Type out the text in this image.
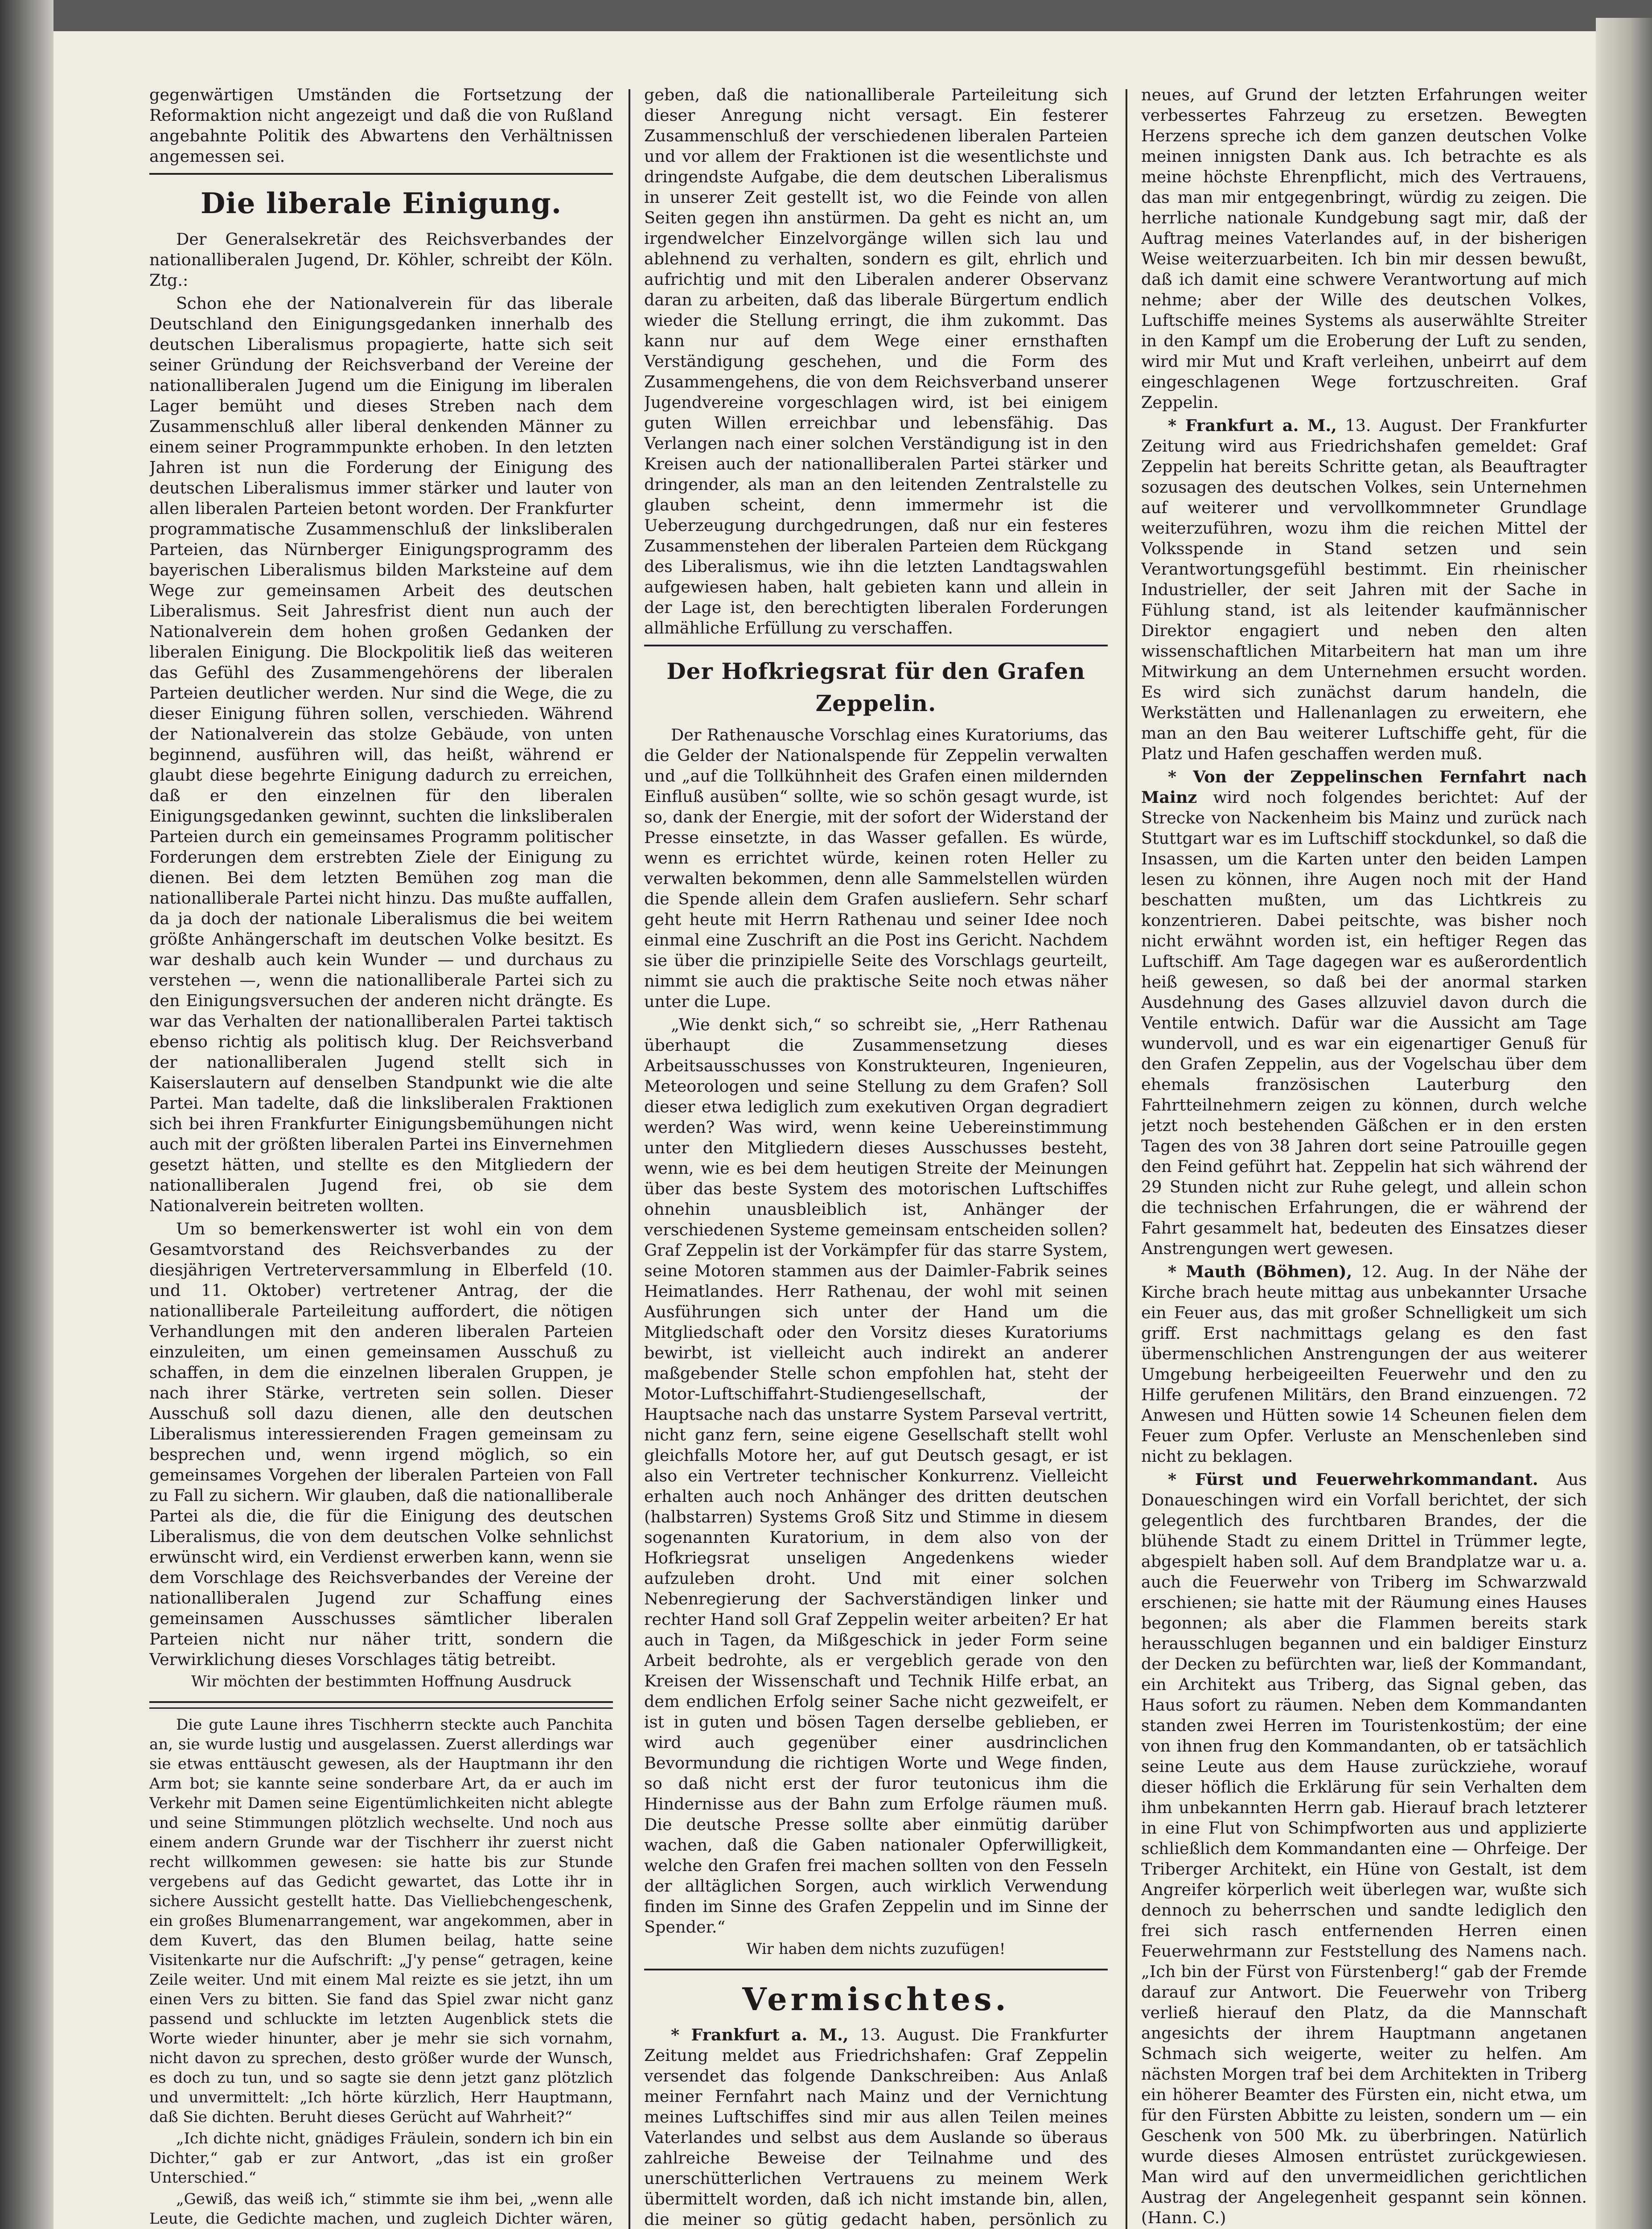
gegenwärtigen Umständen die Fortsetzung der Reformaktion nicht angezeigt und daß die von Rußland angebahnte Politik des Abwartens den Verhältnissen angemessen sei.

Die liberale Einigung.

Der Generalsekretär des Reichsverbandes der nationalliberalen Jugend, Dr. Köhler, schreibt der Köln. Ztg.:

Schon ehe der Nationalverein für das liberale Deutschland den Einigungsgedanken innerhalb des deutschen Liberalismus propagierte, hatte sich seit seiner Gründung der Reichsverband der Vereine der nationalliberalen Jugend um die Einigung im liberalen Lager bemüht und dieses Streben nach dem Zusammenschluß aller liberal denkenden Männer zu einem seiner Programmpunkte erhoben. In den letzten Jahren ist nun die Forderung der Einigung des deutschen Liberalismus immer stärker und lauter von allen liberalen Parteien betont worden. Der Frankfurter programmatische Zusammenschluß der linksliberalen Parteien, das Nürnberger Einigungsprogramm des bayerischen Liberalismus bilden Marksteine auf dem Wege zur gemeinsamen Arbeit des deutschen Liberalismus. Seit Jahresfrist dient nun auch der Nationalverein dem hohen großen Gedanken der liberalen Einigung. Die Blockpolitik ließ das weiteren das Gefühl des Zusammengehörens der liberalen Parteien deutlicher werden. Nur sind die Wege, die zu dieser Einigung führen sollen, verschieden. Während der Nationalverein das stolze Gebäude, von unten beginnend, ausführen will, das heißt, während er glaubt diese begehrte Einigung dadurch zu erreichen, daß er den einzelnen für den liberalen Einigungsgedanken gewinnt, suchten die linksliberalen Parteien durch ein gemeinsames Programm politischer Forderungen dem erstrebten Ziele der Einigung zu dienen. Bei dem letzten Bemühen zog man die nationalliberale Partei nicht hinzu. Das mußte auffallen, da ja doch der nationale Liberalismus die bei weitem größte Anhängerschaft im deutschen Volke besitzt. Es war deshalb auch kein Wunder — und durchaus zu verstehen —, wenn die nationalliberale Partei sich zu den Einigungsversuchen der anderen nicht drängte. Es war das Verhalten der nationalliberalen Partei taktisch ebenso richtig als politisch klug. Der Reichsverband der nationalliberalen Jugend stellt sich in Kaiserslautern auf denselben Standpunkt wie die alte Partei. Man tadelte, daß die linksliberalen Fraktionen sich bei ihren Frankfurter Einigungsbemühungen nicht auch mit der größten liberalen Partei ins Einvernehmen gesetzt hätten, und stellte es den Mitgliedern der nationalliberalen Jugend frei, ob sie dem Nationalverein beitreten wollten.

Um so bemerkenswerter ist wohl ein von dem Gesamtvorstand des Reichsverbandes zu der diesjährigen Vertreterversammlung in Elberfeld (10. und 11. Oktober) vertretener Antrag, der die nationalliberale Parteileitung auffordert, die nötigen Verhandlungen mit den anderen liberalen Parteien einzuleiten, um einen gemeinsamen Ausschuß zu schaffen, in dem die einzelnen liberalen Gruppen, je nach ihrer Stärke, vertreten sein sollen. Dieser Ausschuß soll dazu dienen, alle den deutschen Liberalismus interessierenden Fragen gemeinsam zu besprechen und, wenn irgend möglich, so ein gemeinsames Vorgehen der liberalen Parteien von Fall zu Fall zu sichern. Wir glauben, daß die nationalliberale Partei als die, die für die Einigung des deutschen Liberalismus, die von dem deutschen Volke sehnlichst erwünscht wird, ein Verdienst erwerben kann, wenn sie dem Vorschlage des Reichsverbandes der Vereine der nationalliberalen Jugend zur Schaffung eines gemeinsamen Ausschusses sämtlicher liberalen Parteien nicht nur näher tritt, sondern die Verwirklichung dieses Vorschlages tätig betreibt.

Wir möchten der bestimmten Hoffnung Ausdruck

Die gute Laune ihres Tischherrn steckte auch Panchita an, sie wurde lustig und ausgelassen. Zuerst allerdings war sie etwas enttäuscht gewesen, als der Hauptmann ihr den Arm bot; sie kannte seine sonderbare Art, da er auch im Verkehr mit Damen seine Eigentümlichkeiten nicht ablegte und seine Stimmungen plötzlich wechselte. Und noch aus einem andern Grunde war der Tischherr ihr zuerst nicht recht willkommen gewesen: sie hatte bis zur Stunde vergebens auf das Gedicht gewartet, das Lotte ihr in sichere Aussicht gestellt hatte. Das Vielliebchengeschenk, ein großes Blumenarrangement, war angekommen, aber in dem Kuvert, das den Blumen beilag, hatte seine Visitenkarte nur die Aufschrift: „J'y pense“ getragen, keine Zeile weiter. Und mit einem Mal reizte es sie jetzt, ihn um einen Vers zu bitten. Sie fand das Spiel zwar nicht ganz passend und schluckte im letzten Augenblick stets die Worte wieder hinunter, aber je mehr sie sich vornahm, nicht davon zu sprechen, desto größer wurde der Wunsch, es doch zu tun, und so sagte sie denn jetzt ganz plötzlich und unvermittelt: „Ich hörte kürzlich, Herr Hauptmann, daß Sie dichten. Beruht dieses Gerücht auf Wahrheit?“

„Ich dichte nicht, gnädiges Fräulein, sondern ich bin ein Dichter,“ gab er zur Antwort, „das ist ein großer Unterschied.“

„Gewiß, das weiß ich,“ stimmte sie ihm bei, „wenn alle Leute, die Gedichte machen, und zugleich Dichter wären,

geben, daß die nationalliberale Parteileitung sich dieser Anregung nicht versagt. Ein festerer Zusammenschluß der verschiedenen liberalen Parteien und vor allem der Fraktionen ist die wesentlichste und dringendste Aufgabe, die dem deutschen Liberalismus in unserer Zeit gestellt ist, wo die Feinde von allen Seiten gegen ihn anstürmen. Da geht es nicht an, um irgendwelcher Einzelvorgänge willen sich lau und ablehnend zu verhalten, sondern es gilt, ehrlich und aufrichtig und mit den Liberalen anderer Observanz daran zu arbeiten, daß das liberale Bürgertum endlich wieder die Stellung erringt, die ihm zukommt. Das kann nur auf dem Wege einer ernsthaften Verständigung geschehen, und die Form des Zusammengehens, die von dem Reichsverband unserer Jugendvereine vorgeschlagen wird, ist bei einigem guten Willen erreichbar und lebensfähig. Das Verlangen nach einer solchen Verständigung ist in den Kreisen auch der nationalliberalen Partei stärker und dringender, als man an den leitenden Zentralstelle zu glauben scheint, denn immermehr ist die Ueberzeugung durchgedrungen, daß nur ein festeres Zusammenstehen der liberalen Parteien dem Rückgang des Liberalismus, wie ihn die letzten Landtagswahlen aufgewiesen haben, halt gebieten kann und allein in der Lage ist, den berechtigten liberalen Forderungen allmähliche Erfüllung zu verschaffen.

Der Hofkriegsrat für den Grafen Zeppelin.

Der Rathenausche Vorschlag eines Kuratoriums, das die Gelder der Nationalspende für Zeppelin verwalten und „auf die Tollkühnheit des Grafen einen mildernden Einfluß ausüben“ sollte, wie so schön gesagt wurde, ist so, dank der Energie, mit der sofort der Widerstand der Presse einsetzte, in das Wasser gefallen. Es würde, wenn es errichtet würde, keinen roten Heller zu verwalten bekommen, denn alle Sammelstellen würden die Spende allein dem Grafen ausliefern. Sehr scharf geht heute mit Herrn Rathenau und seiner Idee noch einmal eine Zuschrift an die Post ins Gericht. Nachdem sie über die prinzipielle Seite des Vorschlags geurteilt, nimmt sie auch die praktische Seite noch etwas näher unter die Lupe.

„Wie denkt sich,“ so schreibt sie, „Herr Rathenau überhaupt die Zusammensetzung dieses Arbeitsausschusses von Konstrukteuren, Ingenieuren, Meteorologen und seine Stellung zu dem Grafen? Soll dieser etwa lediglich zum exekutiven Organ degradiert werden? Was wird, wenn keine Uebereinstimmung unter den Mitgliedern dieses Ausschusses besteht, wenn, wie es bei dem heutigen Streite der Meinungen über das beste System des motorischen Luftschiffes ohnehin unausbleiblich ist, Anhänger der verschiedenen Systeme gemeinsam entscheiden sollen? Graf Zeppelin ist der Vorkämpfer für das starre System, seine Motoren stammen aus der Daimler-Fabrik seines Heimatlandes. Herr Rathenau, der wohl mit seinen Ausführungen sich unter der Hand um die Mitgliedschaft oder den Vorsitz dieses Kuratoriums bewirbt, ist vielleicht auch indirekt an anderer maßgebender Stelle schon empfohlen hat, steht der Motor-Luftschiffahrt-Studiengesellschaft, der Hauptsache nach das unstarre System Parseval vertritt, nicht ganz fern, seine eigene Gesellschaft stellt wohl gleichfalls Motore her, auf gut Deutsch gesagt, er ist also ein Vertreter technischer Konkurrenz. Vielleicht erhalten auch noch Anhänger des dritten deutschen (halbstarren) Systems Groß Sitz und Stimme in diesem sogenannten Kuratorium, in dem also von der Hofkriegsrat unseligen Angedenkens wieder aufzuleben droht. Und mit einer solchen Nebenregierung der Sachverständigen linker und rechter Hand soll Graf Zeppelin weiter arbeiten? Er hat auch in Tagen, da Mißgeschick in jeder Form seine Arbeit bedrohte, als er vergeblich gerade von den Kreisen der Wissenschaft und Technik Hilfe erbat, an dem endlichen Erfolg seiner Sache nicht gezweifelt, er ist in guten und bösen Tagen derselbe geblieben, er wird auch gegenüber einer ausdrinclichen Bevormundung die richtigen Worte und Wege finden, so daß nicht erst der furor teutonicus ihm die Hindernisse aus der Bahn zum Erfolge räumen muß. Die deutsche Presse sollte aber einmütig darüber wachen, daß die Gaben nationaler Opferwilligkeit, welche den Grafen frei machen sollten von den Fesseln der alltäglichen Sorgen, auch wirklich Verwendung finden im Sinne des Grafen Zeppelin und im Sinne der Spender.“

Wir haben dem nichts zuzufügen!
Vermischtes.

* Frankfurt a. M., 13. August. Die Frankfurter Zeitung meldet aus Friedrichshafen: Graf Zeppelin versendet das folgende Dankschreiben: Aus Anlaß meiner Fernfahrt nach Mainz und der Vernichtung meines Luftschiffes sind mir aus allen Teilen meines Vaterlandes und selbst aus dem Auslande so überaus zahlreiche Beweise der Teilnahme und des unerschütterlichen Vertrauens zu meinem Werk übermittelt worden, daß ich nicht imstande bin, allen, die meiner so gütig gedacht haben, persönlich zu

neues, auf Grund der letzten Erfahrungen weiter verbessertes Fahrzeug zu ersetzen. Bewegten Herzens spreche ich dem ganzen deutschen Volke meinen innigsten Dank aus. Ich betrachte es als meine höchste Ehrenpflicht, mich des Vertrauens, das man mir entgegenbringt, würdig zu zeigen. Die herrliche nationale Kundgebung sagt mir, daß der Auftrag meines Vaterlandes auf, in der bisherigen Weise weiterzuarbeiten. Ich bin mir dessen bewußt, daß ich damit eine schwere Verantwortung auf mich nehme; aber der Wille des deutschen Volkes, Luftschiffe meines Systems als auserwählte Streiter in den Kampf um die Eroberung der Luft zu senden, wird mir Mut und Kraft verleihen, unbeirrt auf dem eingeschlagenen Wege fortzuschreiten. Graf Zeppelin.

* Frankfurt a. M., 13. August. Der Frankfurter Zeitung wird aus Friedrichshafen gemeldet: Graf Zeppelin hat bereits Schritte getan, als Beauftragter sozusagen des deutschen Volkes, sein Unternehmen auf weiterer und vervollkommneter Grundlage weiterzuführen, wozu ihm die reichen Mittel der Volksspende in Stand setzen und sein Verantwortungsgefühl bestimmt. Ein rheinischer Industrieller, der seit Jahren mit der Sache in Fühlung stand, ist als leitender kaufmännischer Direktor engagiert und neben den alten wissenschaftlichen Mitarbeitern hat man um ihre Mitwirkung an dem Unternehmen ersucht worden. Es wird sich zunächst darum handeln, die Werkstätten und Hallenanlagen zu erweitern, ehe man an den Bau weiterer Luftschiffe geht, für die Platz und Hafen geschaffen werden muß.

* Von der Zeppelinschen Fernfahrt nach Mainz wird noch folgendes berichtet: Auf der Strecke von Nackenheim bis Mainz und zurück nach Stuttgart war es im Luftschiff stockdunkel, so daß die Insassen, um die Karten unter den beiden Lampen lesen zu können, ihre Augen noch mit der Hand beschatten mußten, um das Lichtkreis zu konzentrieren. Dabei peitschte, was bisher noch nicht erwähnt worden ist, ein heftiger Regen das Luftschiff. Am Tage dagegen war es außerordentlich heiß gewesen, so daß bei der anormal starken Ausdehnung des Gases allzuviel davon durch die Ventile entwich. Dafür war die Aussicht am Tage wundervoll, und es war ein eigenartiger Genuß für den Grafen Zeppelin, aus der Vogelschau über dem ehemals französischen Lauterburg den Fahrtteilnehmern zeigen zu können, durch welche jetzt noch bestehenden Gäßchen er in den ersten Tagen des von 38 Jahren dort seine Patrouille gegen den Feind geführt hat. Zeppelin hat sich während der 29 Stunden nicht zur Ruhe gelegt, und allein schon die technischen Erfahrungen, die er während der Fahrt gesammelt hat, bedeuten des Einsatzes dieser Anstrengungen wert gewesen.

* Mauth (Böhmen), 12. Aug. In der Nähe der Kirche brach heute mittag aus unbekannter Ursache ein Feuer aus, das mit großer Schnelligkeit um sich griff. Erst nachmittags gelang es den fast übermenschlichen Anstrengungen der aus weiterer Umgebung herbeigeeilten Feuerwehr und den zu Hilfe gerufenen Militärs, den Brand einzuengen. 72 Anwesen und Hütten sowie 14 Scheunen fielen dem Feuer zum Opfer. Verluste an Menschenleben sind nicht zu beklagen.

* Fürst und Feuerwehrkommandant. Aus Donaueschingen wird ein Vorfall berichtet, der sich gelegentlich des furchtbaren Brandes, der die blühende Stadt zu einem Drittel in Trümmer legte, abgespielt haben soll. Auf dem Brandplatze war u. a. auch die Feuerwehr von Triberg im Schwarzwald erschienen; sie hatte mit der Räumung eines Hauses begonnen; als aber die Flammen bereits stark herausschlugen begannen und ein baldiger Einsturz der Decken zu befürchten war, ließ der Kommandant, ein Architekt aus Triberg, das Signal geben, das Haus sofort zu räumen. Neben dem Kommandanten standen zwei Herren im Touristenkostüm; der eine von ihnen frug den Kommandanten, ob er tatsächlich seine Leute aus dem Hause zurückziehe, worauf dieser höflich die Erklärung für sein Verhalten dem ihm unbekannten Herrn gab. Hierauf brach letzterer in eine Flut von Schimpfworten aus und applizierte schließlich dem Kommandanten eine — Ohrfeige. Der Triberger Architekt, ein Hüne von Gestalt, ist dem Angreifer körperlich weit überlegen war, wußte sich dennoch zu beherrschen und sandte lediglich den frei sich rasch entfernenden Herren einen Feuerwehrmann zur Feststellung des Namens nach. „Ich bin der Fürst von Fürstenberg!“ gab der Fremde darauf zur Antwort. Die Feuerwehr von Triberg verließ hierauf den Platz, da die Mannschaft angesichts der ihrem Hauptmann angetanen Schmach sich weigerte, weiter zu helfen. Am nächsten Morgen traf bei dem Architekten in Triberg ein höherer Beamter des Fürsten ein, nicht etwa, um für den Fürsten Abbitte zu leisten, sondern um — ein Geschenk von 500 Mk. zu überbringen. Natürlich wurde dieses Almosen entrüstet zurückgewiesen. Man wird auf den unvermeidlichen gerichtlichen Austrag der Angelegenheit gespannt sein können. (Hann. C.)
